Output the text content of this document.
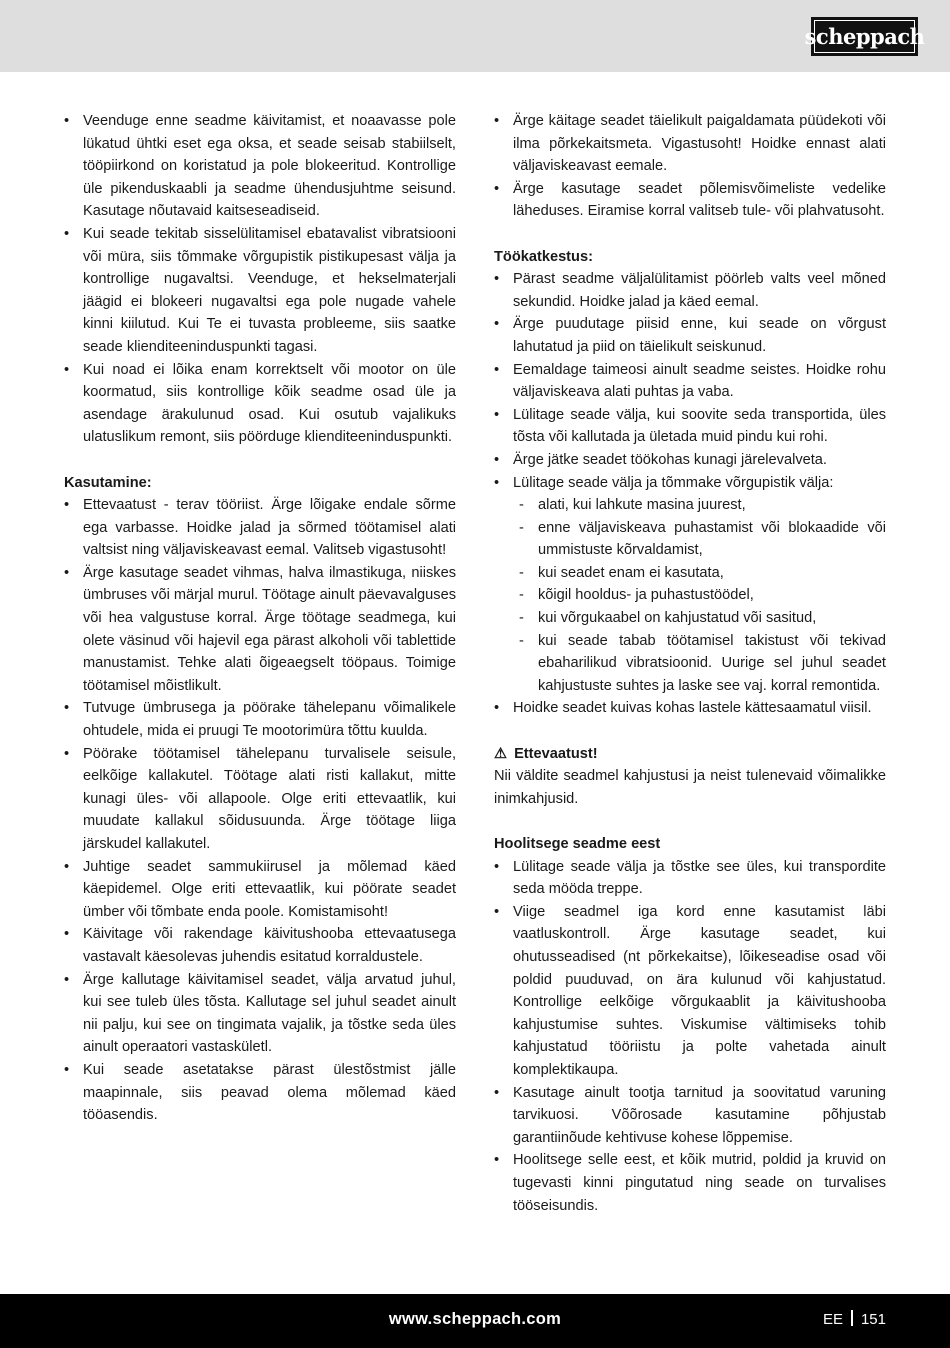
scheppach
• Veenduge enne seadme käivitamist, et noaavasse pole lükatud ühtki eset ega oksa, et seade seisab stabiilselt, tööpiirkond on koristatud ja pole blokeeritud. Kontrollige üle pikenduskaabli ja seadme ühendusjuhtme seisund. Kasutage nõutavaid kaitseseadiseid.
• Kui seade tekitab sisselülitamisel ebatavalist vibratsiooni või müra, siis tõmmake võrgupistik pistikupesast välja ja kontrollige nugavaltsi. Veenduge, et hekselmaterjali jäägid ei blokeeri nugavaltsi ega pole nugade vahele kinni kiilutud. Kui Te ei tuvasta probleeme, siis saatke seade klienditeeninduspunkti tagasi.
• Kui noad ei lõika enam korrektselt või mootor on üle koormatud, siis kontrollige kõik seadme osad üle ja asendage ärakulunud osad. Kui osutub vajalikuks ulatuslikum remont, siis pöörduge klienditeeninduspunkti.
Kasutamine:
• Ettevaatust - terav tööriist. Ärge lõigake endale sõrme ega varbasse. Hoidke jalad ja sõrmed töötamisel alati valtsist ning väljaviskeavast eemal. Valitseb vigastusoht!
• Ärge kasutage seadet vihmas, halva ilmastikuga, niiskes ümbruses või märjal murul. Töötage ainult päevavalguses või hea valgustuse korral. Ärge töötage seadmega, kui olete väsinud või hajevil ega pärast alkoholi või tablettide manustamist. Tehke alati õigeaegselt tööpaus. Toimige töötamisel mõistlikult.
• Tutvuge ümbrusega ja pöörake tähelepanu võimalikele ohtudele, mida ei pruugi Te mootorimüra tõttu kuulda.
• Pöörake töötamisel tähelepanu turvalisele seisule, eelkõige kallakutel. Töötage alati risti kallakut, mitte kunagi üles- või allapoole. Olge eriti ettevaatlik, kui muudate kallakul sõidusuunda. Ärge töötage liiga järskudel kallakutel.
• Juhtige seadet sammukiirusel ja mõlemad käed käepidemel. Olge eriti ettevaatlik, kui pöörate seadet ümber või tõmbate enda poole. Komistamisoht!
• Käivitage või rakendage käivitushooba ettevaatusega vastavalt käesolevas juhendis esitatud korraldustele.
• Ärge kallutage käivitamisel seadet, välja arvatud juhul, kui see tuleb üles tõsta. Kallutage sel juhul seadet ainult nii palju, kui see on tingimata vajalik, ja tõstke seda üles ainult operaatori vastaskületl.
• Kui seade asetatakse pärast ülestõstmist jälle maapinnale, siis peavad olema mõlemad käed tööasendis.
• Ärge käitage seadet täielikult paigaldamata püüdekoti või ilma põrkekaitsmeta. Vigastusoht! Hoidke ennast alati väljaviskeavast eemale.
• Ärge kasutage seadet põlemisvõimeliste vedelike läheduses. Eiramise korral valitseb tule- või plahvatusoht.
Töökatkestus:
• Pärast seadme väljalülitamist pöörleb valts veel mõned sekundid. Hoidke jalad ja käed eemal.
• Ärge puudutage piisid enne, kui seade on võrgust lahutatud ja piid on täielikult seiskunud.
• Eemaldage taimeosi ainult seadme seistes. Hoidke rohu väljaviskeava alati puhtas ja vaba.
• Lülitage seade välja, kui soovite seda transportida, üles tõsta või kallutada ja ületada muid pindu kui rohi.
• Ärge jätke seadet töökohas kunagi järelevalveta.
• Lülitage seade välja ja tõmmake võrgupistik välja:
- alati, kui lahkute masina juurest,
- enne väljaviskeava puhastamist või blokaadide või ummistuste kõrvaldamist,
- kui seadet enam ei kasutata,
- kõigil hooldus- ja puhastustöödel,
- kui võrgukaabel on kahjustatud või sasitud,
- kui seade tabab töötamisel takistust või tekivad ebaharilikud vibratsioonid. Uurige sel juhul seadet kahjustuste suhtes ja laske see vaj. korral remontida.
• Hoidke seadet kuivas kohas lastele kättesaamatul viisil.
⚠ Ettevaatust!
Nii väldite seadmel kahjustusi ja neist tulenevaid võimalikke inimkahjusid.
Hoolitsege seadme eest
• Lülitage seade välja ja tõstke see üles, kui transpordite seda mööda treppe.
• Viige seadmel iga kord enne kasutamist läbi vaatluskontroll. Ärge kasutage seadet, kui ohutusseadised (nt põrkekaitse), lõikeseadise osad või poldid puuduvad, on ära kulunud või kahjustatud. Kontrollige eelkõige võrgukaablit ja käivitushooba kahjustumise suhtes. Viskumise vältimiseks tohib kahjustatud tööriistu ja polte vahetada ainult komplektikaupa.
• Kasutage ainult tootja tarnitud ja soovitatud varuning tarvikuosi. Võõrosade kasutamine põhjustab garantiinõude kehtivuse kohese lõppemise.
• Hoolitsege selle eest, et kõik mutrid, poldid ja kruvid on tugevasti kinni pingutatud ning seade on turvalises tööseisundis.
www.scheppach.com	EE 151
